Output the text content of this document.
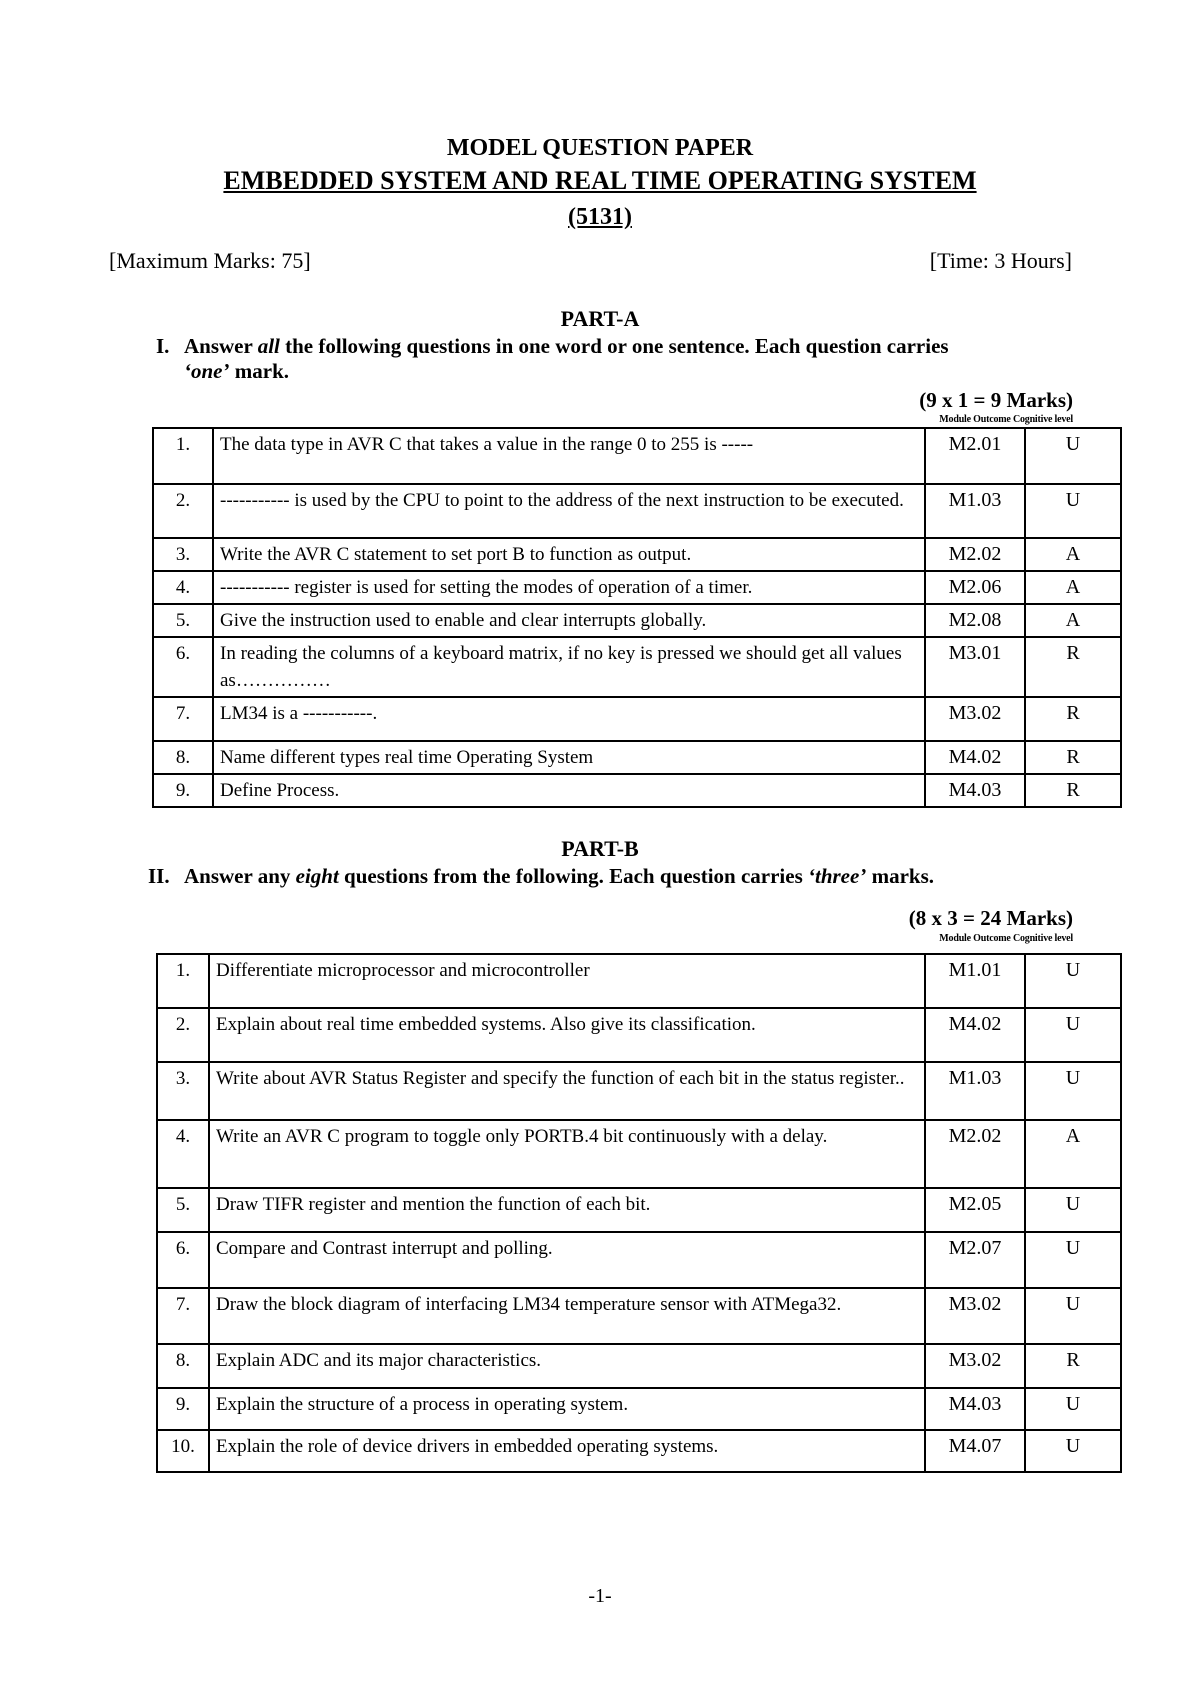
MODEL QUESTION PAPER
EMBEDDED SYSTEM AND REAL TIME OPERATING SYSTEM
(5131)
[Maximum Marks: 75]	[Time: 3 Hours]
PART-A
I. Answer all the following questions in one word or one sentence. Each question carries
‘one’ mark.
(9 x 1 = 9 Marks)
Module Outcome Cognitive level
1.	The data type in AVR C that takes a value in the range 0 to 255 is -----	M2.01	U
2.	----------- is used by the CPU to point to the address of the next instruction to be executed.	M1.03	U
3.	Write the AVR C statement to set port B to function as output.	M2.02	A
4.	----------- register is used for setting the modes of operation of a timer.	M2.06	A
5.	Give the instruction used to enable and clear interrupts globally.	M2.08	A
6.	In reading the columns of a keyboard matrix, if no key is pressed we should get all values as……………	M3.01	R
7.	LM34 is a -----------.	M3.02	R
8.	Name different types real time Operating System	M4.02	R
9.	Define Process.	M4.03	R
PART-B
II. Answer any eight questions from the following. Each question carries ‘three’ marks.
(8 x 3 = 24 Marks)
Module Outcome Cognitive level
1.	Differentiate microprocessor and microcontroller	M1.01	U
2.	Explain about real time embedded systems. Also give its classification.	M4.02	U
3.	Write about AVR Status Register and specify the function of each bit in the status register..	M1.03	U
4.	Write an AVR C program to toggle only PORTB.4 bit continuously with a delay.	M2.02	A
5.	Draw TIFR register and mention the function of each bit.	M2.05	U
6.	Compare and Contrast interrupt and polling.	M2.07	U
7.	Draw the block diagram of interfacing LM34 temperature sensor with ATMega32.	M3.02	U
8.	Explain ADC and its major characteristics.	M3.02	R
9.	Explain the structure of a process in operating system.	M4.03	U
10.	Explain the role of device drivers in embedded operating systems.	M4.07	U
-1-
